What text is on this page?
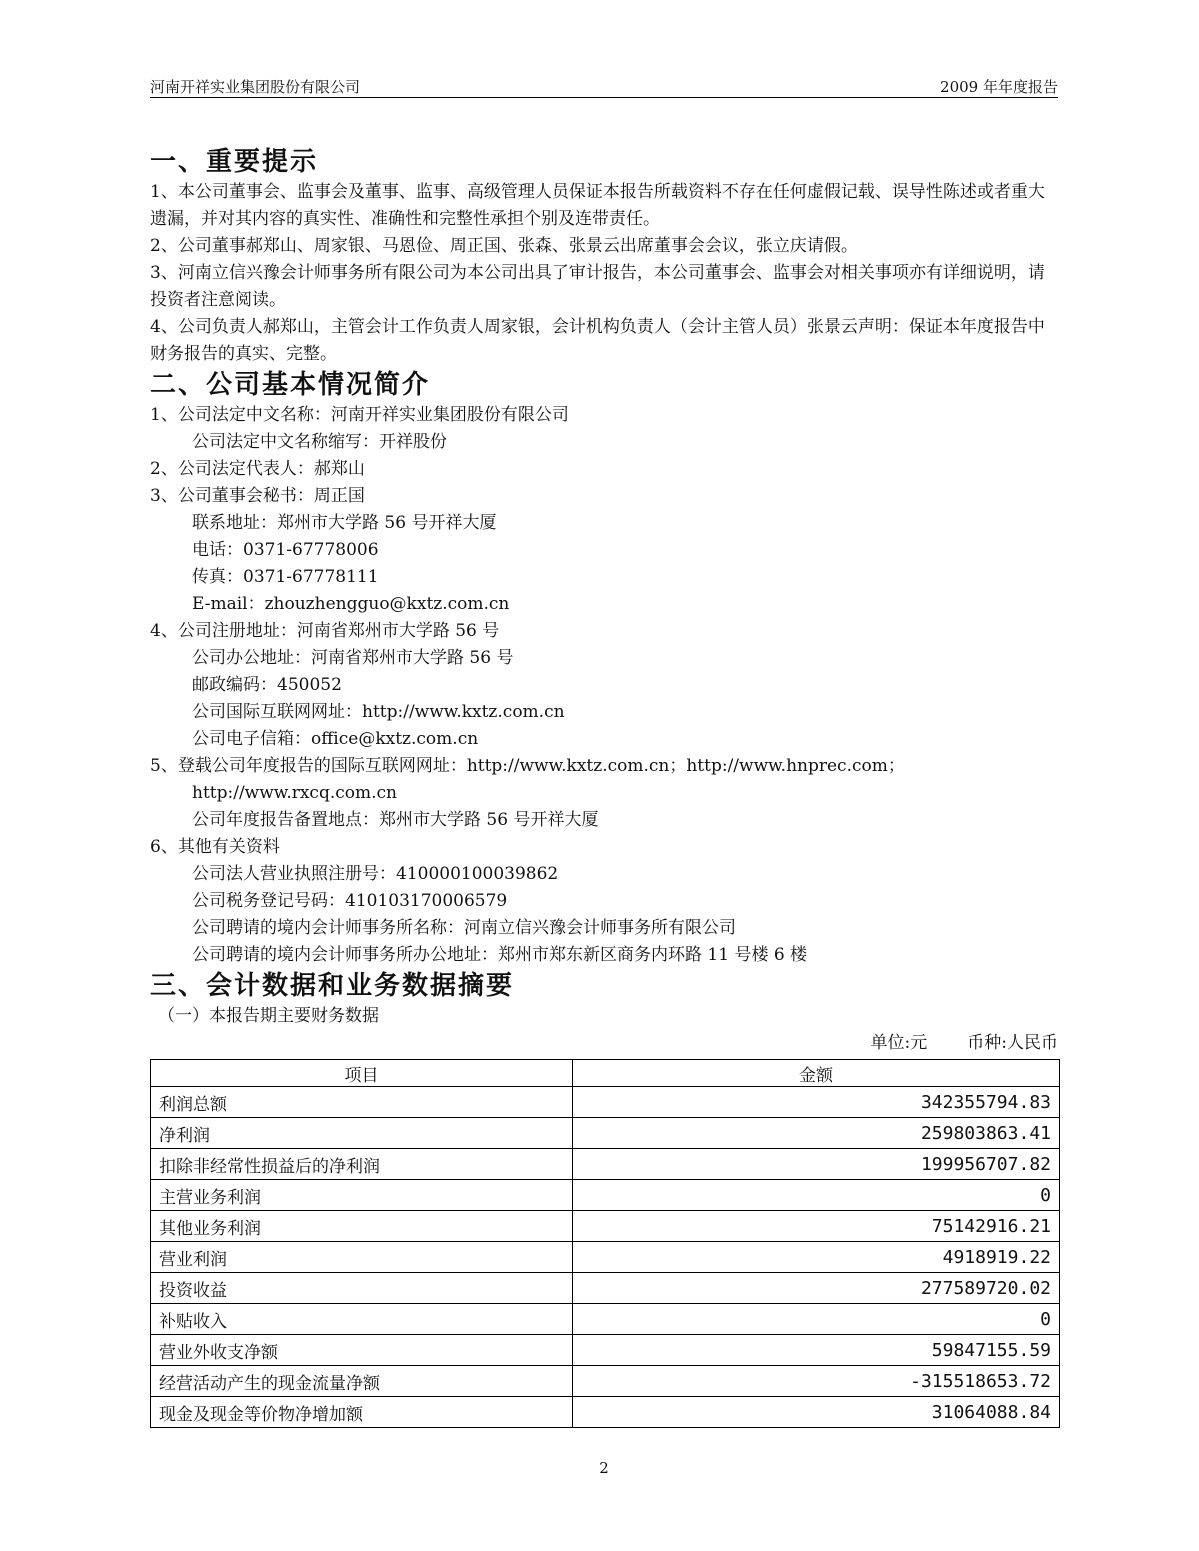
河南开祥实业集团股份有限公司	2009 年年度报告
一、重要提示

1、本公司董事会、监事会及董事、监事、高级管理人员保证本报告所载资料不存在任何虚假记载、误导性陈述或者重大遗漏，并对其内容的真实性、准确性和完整性承担个别及连带责任。

2、公司董事郝郑山、周家银、马恩俭、周正国、张森、张景云出席董事会会议，张立庆请假。

3、河南立信兴豫会计师事务所有限公司为本公司出具了审计报告，本公司董事会、监事会对相关事项亦有详细说明，请投资者注意阅读。

4、公司负责人郝郑山，主管会计工作负责人周家银，会计机构负责人（会计主管人员）张景云声明：保证本年度报告中财务报告的真实、完整。

二、公司基本情况简介

1、公司法定中文名称：河南开祥实业集团股份有限公司

公司法定中文名称缩写：开祥股份

2、公司法定代表人：郝郑山

3、公司董事会秘书：周正国

联系地址：郑州市大学路 56 号开祥大厦

电话：0371-67778006

传真：0371-67778111

E-mail：zhouzhengguo@kxtz.com.cn

4、公司注册地址：河南省郑州市大学路 56 号

公司办公地址：河南省郑州市大学路 56 号

邮政编码：450052

公司国际互联网网址：http://www.kxtz.com.cn

公司电子信箱：office@kxtz.com.cn

5、登载公司年度报告的国际互联网网址：http://www.kxtz.com.cn；http://www.hnprec.com；

http://www.rxcq.com.cn

公司年度报告备置地点：郑州市大学路 56 号开祥大厦

6、其他有关资料

公司法人营业执照注册号：410000100039862

公司税务登记号码：410103170006579

公司聘请的境内会计师事务所名称：河南立信兴豫会计师事务所有限公司

公司聘请的境内会计师事务所办公地址：郑州市郑东新区商务内环路 11 号楼 6 楼

三、会计数据和业务数据摘要

（一）本报告期主要财务数据

单位:元 币种:人民币
项目	金额
利润总额	342355794.83
净利润	259803863.41
扣除非经常性损益后的净利润	199956707.82
主营业务利润	0
其他业务利润	75142916.21
营业利润	4918919.22
投资收益	277589720.02
补贴收入	0
营业外收支净额	59847155.59
经营活动产生的现金流量净额	-315518653.72
现金及现金等价物净增加额	31064088.84
2
